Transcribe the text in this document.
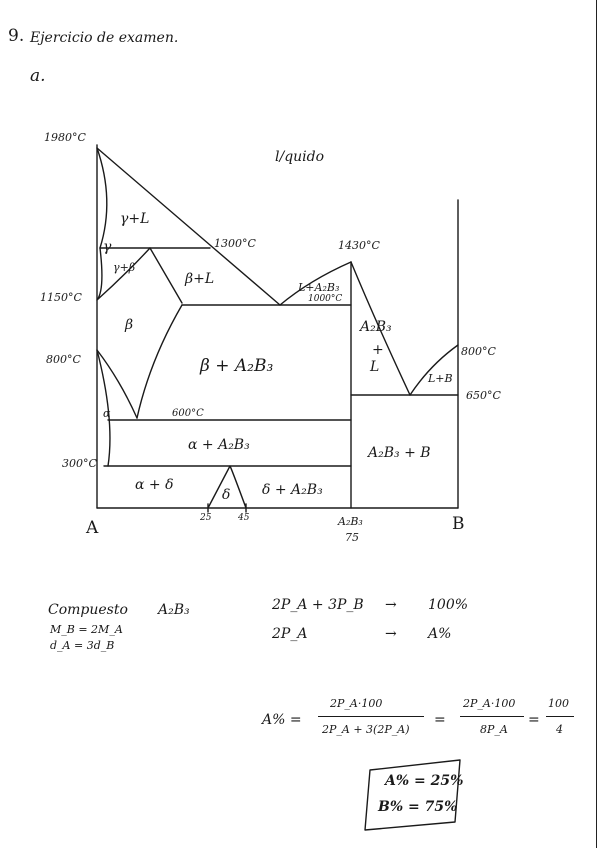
9. Ejercicio de examen.
a.
l/quido
γ+L
γ
γ+β
β+L
L+A₂B₃
β	A₂B₃
+
L
β + A₂B₃
L+B
α
α + A₂B₃	A₂B₃ + B
α + δ
δ δ + A₂B₃
1980°C
1300°C	1430°C
1150°C	1000°C
800°C
800°C
650°C
600°C
300°C
A	B
A₂B₃
75
25	45
Compuesto A₂B₃
M_B = 2M_A
d_A = 3d_B
2P_A + 3P_B → 100%
2P_A	→ A%
A% =
2P_A·100
2P_A + 3(2P_A)
=
2P_A·100
8P_A
=
100
4
A% = 25%
B% = 75%
